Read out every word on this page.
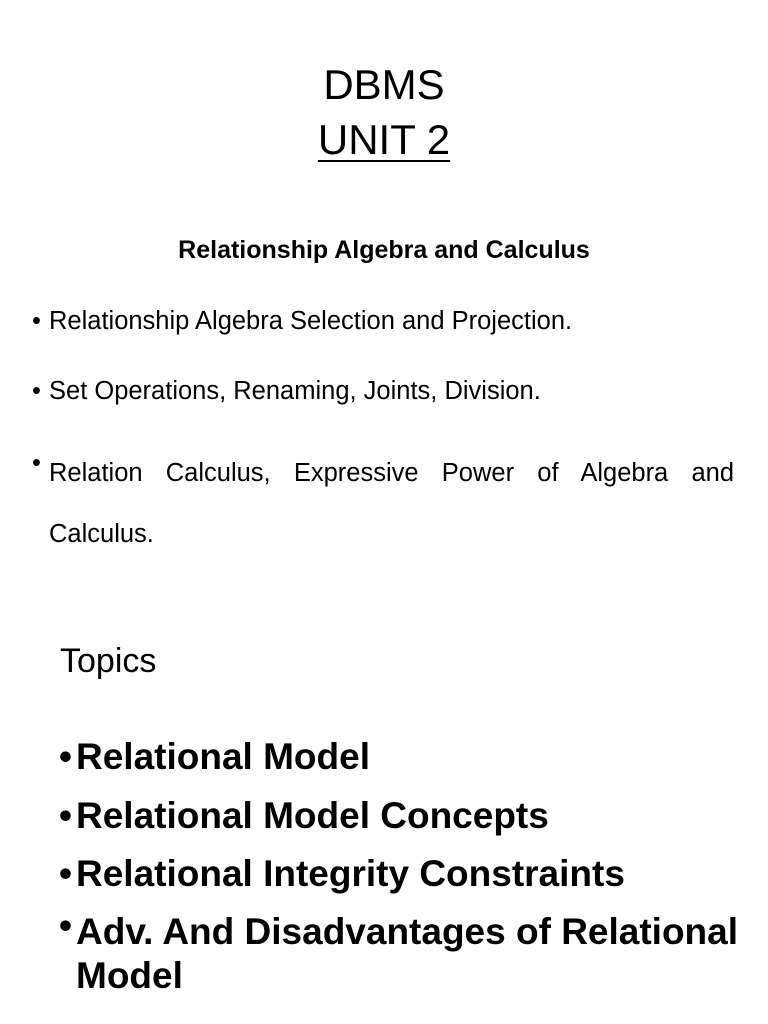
DBMS
UNIT 2
Relationship Algebra and Calculus
• Relationship Algebra Selection and Projection.
• Set Operations, Renaming, Joints, Division.
• Relation Calculus, Expressive Power of Algebra and Calculus.
Topics
• Relational Model
• Relational Model Concepts
• Relational Integrity Constraints
• Adv. And Disadvantages of Relational Model
